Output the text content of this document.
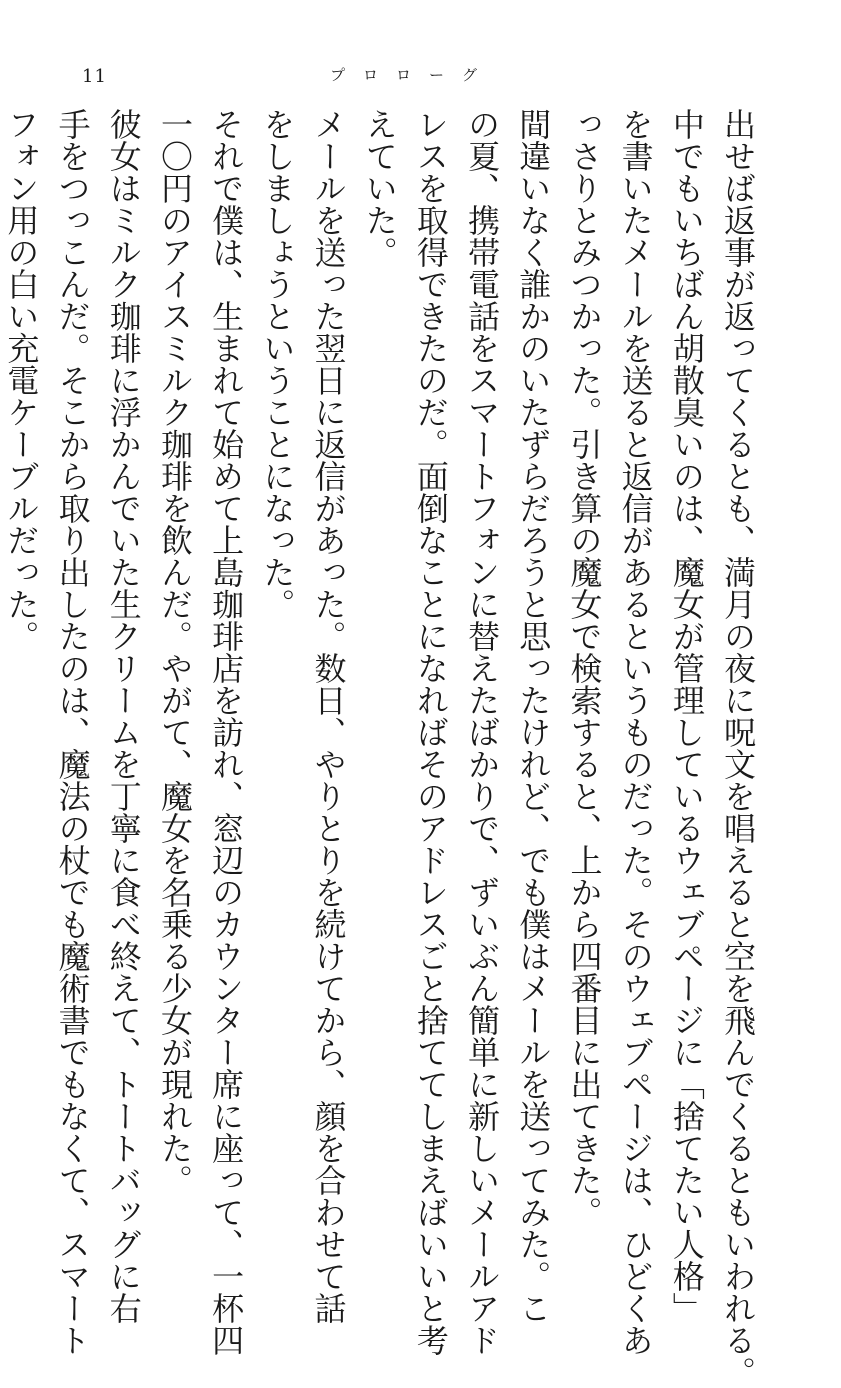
11	プロローグ
出せば返事が返ってくるとも、満月の夜に呪文を唱えると空を飛んでくるともいわれる。
中でもいちばん胡散臭いのは、魔女が管理しているウェブページに「捨てたい人格」
を書いたメールを送ると返信があるというものだった。そのウェブページは、ひどくあ
っさりとみつかった。引き算の魔女で検索すると、上から四番目に出てきた。
間違いなく誰かのいたずらだろうと思ったけれど、でも僕はメールを送ってみた。こ
の夏、携帯電話をスマートフォンに替えたばかりで、ずいぶん簡単に新しいメールアド
レスを取得できたのだ。面倒なことになればそのアドレスごと捨ててしまえばいいと考
えていた。
メールを送った翌日に返信があった。数日、やりとりを続けてから、顔を合わせて話
をしましょうということになった。
それで僕は、生まれて始めて上島珈琲店を訪れ、窓辺のカウンター席に座って、一杯四
一〇円のアイスミルク珈琲を飲んだ。やがて、魔女を名乗る少女が現れた。
彼女はミルク珈琲に浮かんでいた生クリームを丁寧に食べ終えて、トートバッグに右
手をつっこんだ。そこから取り出したのは、魔法の杖でも魔術書でもなくて、スマート
フォン用の白い充電ケーブルだった。
